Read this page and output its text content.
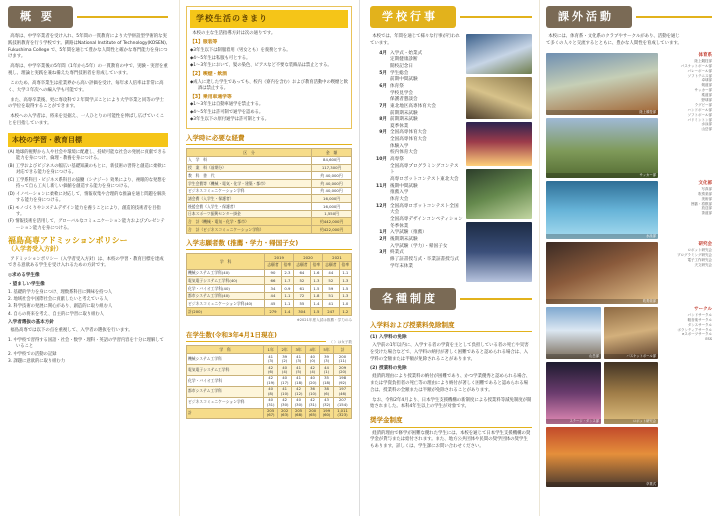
概 要

高専は、中学卒業者を受け入れ、5年間の一貫教育により大学併設型学術的な実践技術教育を行う学校です。釧路はNational Institute of Technology(KOSEN), Fukushima College で、5年間を通じて豊かな人間性と確かな専門能力を身につけます。

高専は、中学卒業後の5年間（1年から5年）の一貫教育の中で、実験・実習を重視し、理論と実践を兼ね備えた専門技術者を育成しています。

このため、高専卒業生は産業界から高い評価を受け、毎年求人倍率は非常に高く、大学３年次への編入学も可能です。

また、高専卒業後、更に専攻科で２年間学ぶことにより大学卒業と同等の学士の学位を取得することができます。

本校への入学者は、将来を見据え、一人ひとりの可能性を伸ばし広げていくことを目指しています。

本校の学習・教育目標

(A) 地球的視野から人や社会や環境に配慮し、持続可能な社会の発展に貢献できる能力を身につけ、倫理・教養を身につける。

(B) 工学およびビジネスの幅広い基礎知識のもとに、新技術の習得と創造に柔軟に対応できる能力を身につける。

(C) 工学系科目・ビジネス系科目の協働（シナジー）効果により、複眼的な発想を持って自ら工夫し新しい価値を創造する能力を身につける。

(D) イノベーションに柔軟に対応して、情報収集や合理的な推論を通じ問題を解決する能力を身につける。

(E) モノづくりやシステムデザイン能力を養うことにより、創造的技術者を目指す。

(F) 情報技術を活用して、グローバルなコミュニケーション能力およびプレゼンテーション能力を身につける。

福島高専アドミッションポリシー
（入学者受入方針）

アドミッションポリシー（入学者受入方針）は、本校の学習・教育目標を達成できる意欲ある学生を受け入れるための方針です。

◎求める学生像
・望ましい学生像

1. 基礎的学力を身につけ、理数系科目に興味を持つ人

2. 地域社会や国際社会に貢献したいと考えている人

3. 科学技術の発展に関心があり、創造的に取り組む人

4. 自らの将来を考え、自主的に学習に取り組む人

入学者選抜の基本方針

福島高専では以下の点を重視して、入学者の選抜を行います。

1. 中学校で習得する国語・社会・数学・理科・英語の学習内容を十分に理解していること

2. 中学校での活動の記録

3. 課題に意欲的に取り組む力

学校生活のきまり

本校の主な生活指導方針は次の通りです。

【1】服装等

◆3年生以下は制服着用（男女とも）を義務とする。

◆4〜5年生は私服も可とする。

◆1〜3年生において、髪の染色、ピアスなど不要な装飾品は禁止とする。

【2】喫煙・飲酒

◆成人に達した学生であっても、校内（寮内を含む）および教育活動中の喫煙と飲酒は禁止する。

【3】乗用車通学等

◆1〜3年生は自動車通学を禁止する。

◆4〜5年生は許可制で通学を認める。

◆3年生以下の原付通学は許可制とする。

入学時に必要な経費
区　分	金　額
入　学　料	84,600円
授　業　料（前期分）	117,300円
教　科　書　代	約 40,000円
学生会費等（機械・電気・化学・建築・都市）	約 40,000円
ビジネスコミュニケーション学科	約 40,000円
諸会費（入学生・保護者）	16,000円
後援会費（入学生・保護者）	16,000円
日本スポーツ振興センター掛金	1,550円
合　計（機械・電気・化学・都市）	約442,000円
合　計（ビジネスコミュニケーション学科）	約422,000円
入学志願者数 (推薦・学力・帰国子女)
学　科	2019		2020		2021	
	志願者	倍率	志願者	倍率	志願者	倍率
機械システム工学科(40)	90	2.3	64	1.6	44	1.1
電気電子システム工学科(40)	66	1.7	52	1.3	52	1.3
化学・バイオ工学科(40)	34	0.9	61	1.5	59	1.5
都市システム工学科(40)	44	1.1	72	1.8	51	1.3
ビジネスコミュニケーション学科(40)	45	1.1	55	1.4	41	1.0
計(200)	279	1.4	304	1.5	247	1.2
※2021年度入試は推薦・学力のみ
在学生数(令和3年4月1日現在)
（ ）は女子数
学　科	1年	2年	3年	4年	5年	計
機械システム工学科	41
(3)	39
(2)	41
(3)	40
(0)	39
(3)	200
(11)
電気電子システム工学科	42
(6)	40
(4)	41
(5)	42
(4)	44
(1)	209
(20)
化学・バイオ工学科	42
(19)	40
(17)	41
(18)	40
(20)	35
(18)	198
(92)
都市システム工学科	40
(8)	41
(10)	42
(12)	36
(10)	38
(6)	197
(46)
ビジネスコミュニケーション学科	40
(31)	42
(30)	40
(30)	42
(31)	43
(32)	207
(154)
計	205
(67)	202
(63)	205
(68)	200
(65)	199
(60)	1,011
(323)
学校行事

本校では、年間を通じて様々な行事が行われています。

4月 入学式・始業式
定期健康診断
開校記念日
5月 学生総会
前期中間試験
6月 体育祭
学校見学会
保護者懇談会
7月 東北地区高専体育大会
前期期末試験
8月 前期期末試験
夏季休業
9月 全国高専体育大会
全国高専体育大会
体験入学
校内体育大会
10月 高専祭
全国高専プログラミングコンテスト
高専ロボットコンテスト東北大会
11月 後期中間試験
推薦入学
体育大会
12月 全国高専ロボットコンテスト全国大会
全国高専デザインコンペティション
冬季休業
1月 入学試験（推薦）
2月 後期期末試験
入学試験（学力）・帰国子女
3月 終業式
修了証書授与式・卒業証書授与式
学年末休業
各種制度
入学料および授業料免除制度
(1) 入学料の免除

入学前の1年以内に、入学する者の学資を主として負担している者の死亡や災害を受けた場合などで、入学料の納付が著しく困難であると認められる場合は、入学料の全額または半額が免除されることがあります。

(2) 授業料の免除

経済的理由により授業料の納付が困難であり、かつ学業優秀と認められる場合、または学資負担者の死亡等の理由により納付が著しく困難であると認められる場合は、授業料の全額または半額が免除されることがあります。

なお、令和2年4月より、日本学生支援機構の新制度による授業料等減免制度が開始されました。本科4年生以上の学生が対象です。

奨学金制度

経済的理由で修学が困難な優れた学生には、本校を通じて日本学生支援機構の奨学金が貸与または給付されます。また、地方公共団体や民間の奨学団体の奨学生もあります。詳しくは、学生課にお問い合わせください。

課外活動

本校には、体育系・文化系のクラブやサークルがあり、活動を通じて多くの人々と交流するとともに、豊かな人間性を育成しています。

陸上競技部
サッカー部
水泳部
吹奏楽部
バスケットボール部
山岳部
ステージ・ダンス部	ロボット研究会
卒業式
体育系
陸上競技部
バスケットボール部
バレーボール部
ソフトテニス部
卓球部
剣道部
サッカー部
柔道部
野球部
ラグビー部
ハンドボール部
ソフトボール部
バドミントン部
水泳部
山岳部
文化部
写真部
吹奏楽部
美術部
囲碁・将棋部
放送部
茶道部
研究会
ロボット研究会
プログラミング研究会
電子工作研究会
天文研究会
サークル
バンドサークル
軽音楽サークル
ダンスサークル
ボランティアサークル
eスポーツサークル
ESS
